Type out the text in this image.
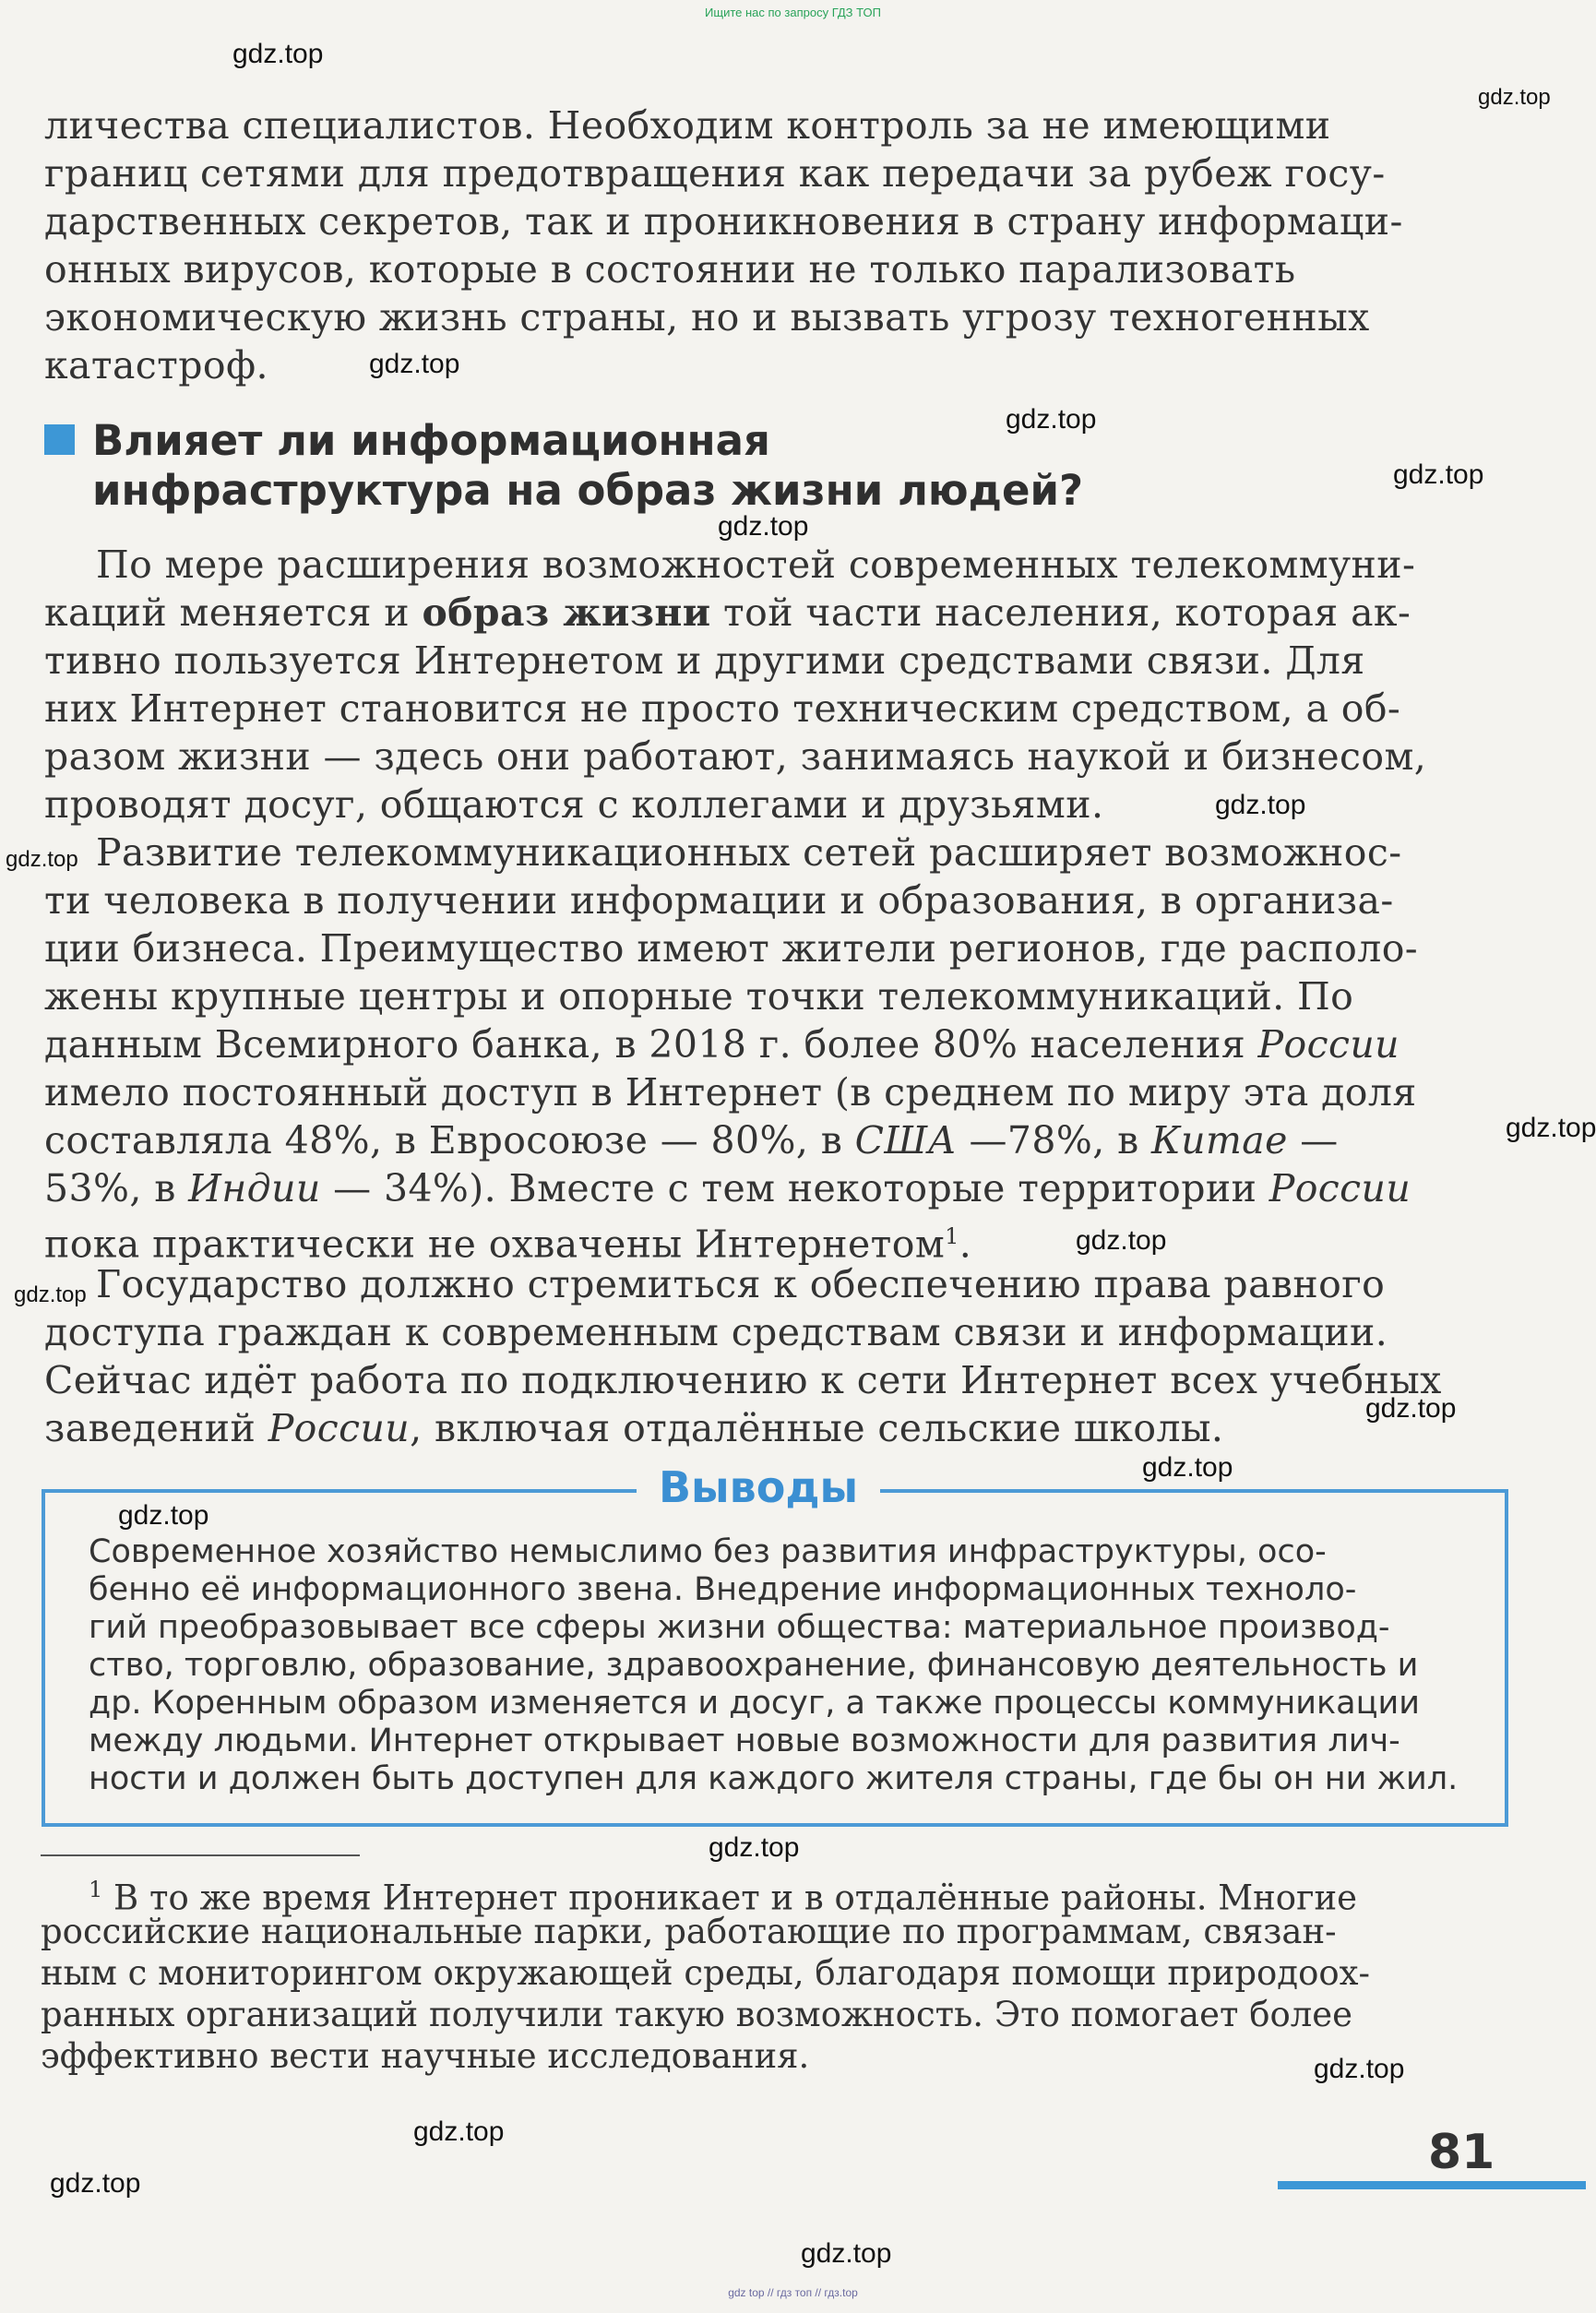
Ищите нас по запросу ГДЗ ТОП
личества специалистов. Необходим контроль за не имеющими
границ сетями для предотвращения как передачи за рубеж госу-
дарственных секретов, так и проникновения в страну информаци-
онных вирусов, которые в состоянии не только парализовать
экономическую жизнь страны, но и вызвать угрозу техногенных
катастроф.
Влияет ли информационная
инфраструктура на образ жизни людей?
По мере расширения возможностей современных телекоммуни-
каций меняется и образ жизни той части населения, которая ак-
тивно пользуется Интернетом и другими средствами связи. Для
них Интернет становится не просто техническим средством, а об-
разом жизни — здесь они работают, занимаясь наукой и бизнесом,
проводят досуг, общаются с коллегами и друзьями.
Развитие телекоммуникационных сетей расширяет возможнос-
ти человека в получении информации и образования, в организа-
ции бизнеса. Преимущество имеют жители регионов, где располо-
жены крупные центры и опорные точки телекоммуникаций. По
данным Всемирного банка, в 2018 г. более 80% населения России
имело постоянный доступ в Интернет (в среднем по миру эта доля
составляла 48%, в Евросоюзе — 80%, в США —78%, в Китае —
53%, в Индии — 34%). Вместе с тем некоторые территории России
пока практически не охвачены Интернетом$^1$.
Государство должно стремиться к обеспечению права равного
доступа граждан к современным средствам связи и информации.
Сейчас идёт работа по подключению к сети Интернет всех учебных
заведений России, включая отдалённые сельские школы.
Выводы
Современное хозяйство немыслимо без развития инфраструктуры, осо-
бенно её информационного звена. Внедрение информационных техноло-
гий преобразовывает все сферы жизни общества: материальное производ-
ство, торговлю, образование, здравоохранение, финансовую деятельность и
др. Коренным образом изменяется и досуг, а также процессы коммуникации
между людьми. Интернет открывает новые возможности для развития лич-
ности и должен быть доступен для каждого жителя страны, где бы он ни жил.
$^1$ В то же время Интернет проникает и в отдалённые районы. Многие
российские национальные парки, работающие по программам, связан-
ным с мониторингом окружающей среды, благодаря помощи природоох-
ранных организаций получили такую возможность. Это помогает более
эффективно вести научные исследования.
81
gdz.top
gdz.top
gdz.top
gdz.top
gdz.top
gdz.top
gdz.top
gdz.top
gdz.top
gdz.top
gdz.top
gdz.top
gdz.top
gdz.top
gdz.top
gdz.top
gdz.top
gdz.top
gdz.top
gdz top // гдз топ // гдз.top
